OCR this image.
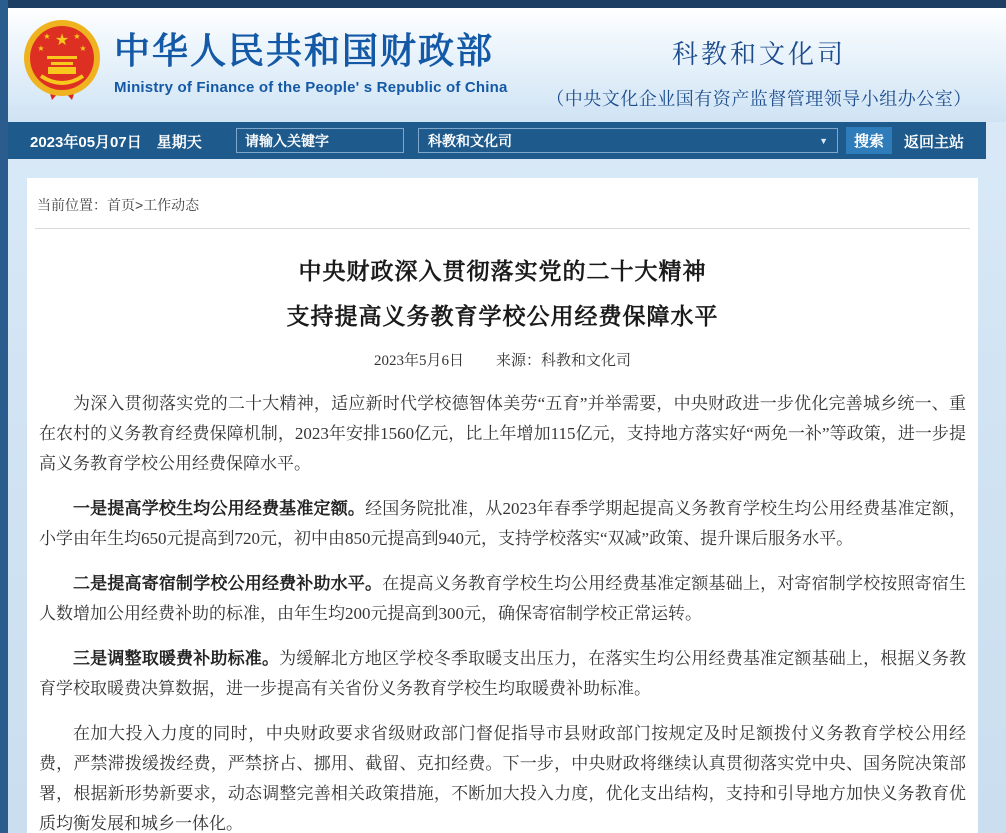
★
★	★
★	★ 中华人民共和国财政部
Ministry of Finance of the People' s Republic of China
科教和文化司
（中央文化企业国有资产监督管理领导小组办公室）
2023年05月07日　星期天
请输入关键字	科教和文化司	▼	搜索	返回主站
当前位置：首页>工作动态
中央财政深入贯彻落实党的二十大精神
支持提高义务教育学校公用经费保障水平
2023年5月6日 来源：科教和文化司

为深入贯彻落实党的二十大精神，适应新时代学校德智体美劳“五育”并举需要，中央财政进一步优化完善城乡统一、重在农村的义务教育经费保障机制，2023年安排1560亿元，比上年增加115亿元，支持地方落实好“两免一补”等政策，进一步提高义务教育学校公用经费保障水平。

一是提高学校生均公用经费基准定额。经国务院批准，从2023年春季学期起提高义务教育学校生均公用经费基准定额，小学由年生均650元提高到720元，初中由850元提高到940元，支持学校落实“双减”政策、提升课后服务水平。

二是提高寄宿制学校公用经费补助水平。在提高义务教育学校生均公用经费基准定额基础上，对寄宿制学校按照寄宿生人数增加公用经费补助的标准，由年生均200元提高到300元，确保寄宿制学校正常运转。

三是调整取暖费补助标准。为缓解北方地区学校冬季取暖支出压力，在落实生均公用经费基准定额基础上，根据义务教育学校取暖费决算数据，进一步提高有关省份义务教育学校生均取暖费补助标准。

在加大投入力度的同时，中央财政要求省级财政部门督促指导市县财政部门按规定及时足额拨付义务教育学校公用经费，严禁滞拨缓拨经费，严禁挤占、挪用、截留、克扣经费。下一步，中央财政将继续认真贯彻落实党中央、国务院决策部署，根据新形势新要求，动态调整完善相关政策措施，不断加大投入力度，优化支出结构，支持和引导地方加快义务教育优质均衡发展和城乡一体化。
